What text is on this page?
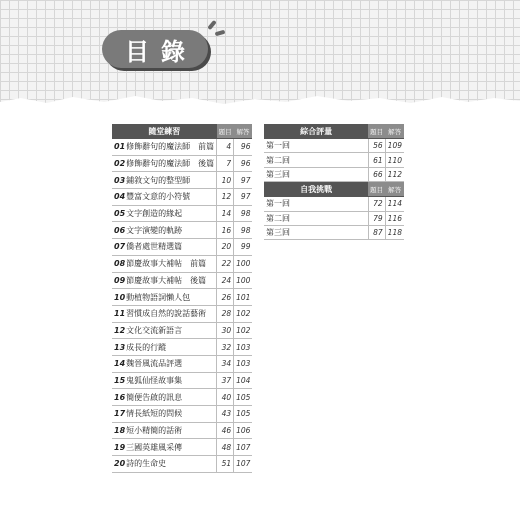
目錄
隨堂練習	題目	解答
01修飾辭句的魔法師　前篇	4	96
02修飾辭句的魔法師　後篇	7	96
03鋪敘文句的整型師	10	97
04豐富文意的小符號	12	97
05文字創造的緣起	14	98
06文字演變的軌跡	16	98
07僑者處世精選篇	20	99
08節慶故事大補帖　前篇	22	100
09節慶故事大補帖　後篇	24	100
10動植物語詞懶人包	26	101
11習慣成自然的說話藝術	28	102
12文化交流新語言	30	102
13成長的行蹤	32	103
14魏晉風流品評選	34	103
15鬼狐仙怪故事集	37	104
16簡便告啟的訊息	40	105
17情長紙短的問候	43	105
18短小精簡的話術	46	106
19三國英雄風采傳	48	107
20詩的生命史	51	107
綜合評量	題目	解答
第一回	56	109
第二回	61	110
第三回	66	112
自我挑戰	題目	解答
第一回	72	114
第二回	79	116
第三回	87	118
